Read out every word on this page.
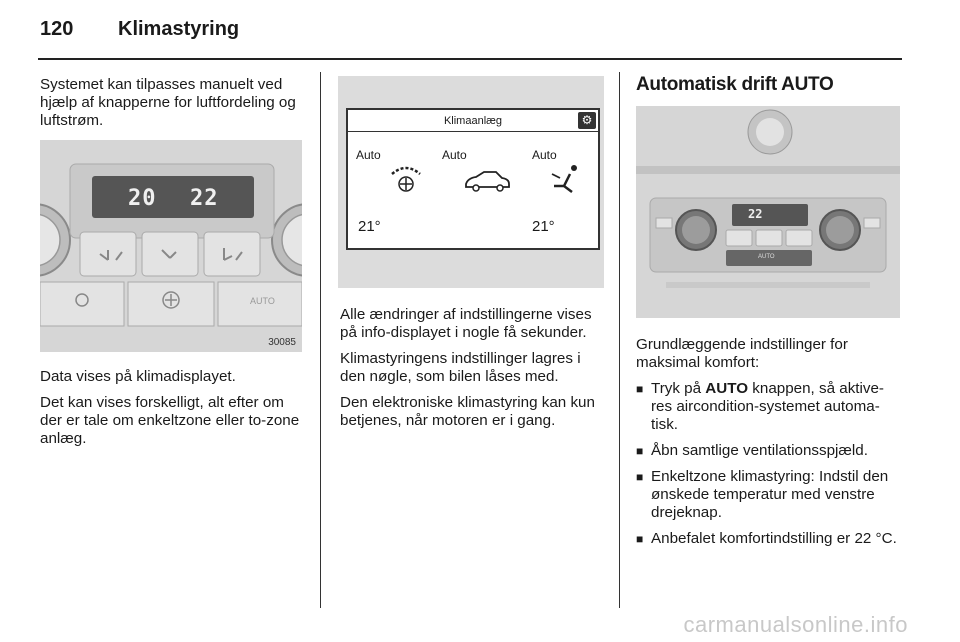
120 Klimastyring

Systemet kan tilpasses manuelt ved hjælp af knapperne for luftfordeling og luftstrøm.

20 22
AUTO
30085

Data vises på klimadisplayet.

Det kan vises forskelligt, alt efter om der er tale om enkeltzone eller to-zone anlæg.

Klimaanlæg	⚙
Auto	Auto	Auto
21°	21°

Alle ændringer af indstillingerne vises på info-displayet i nogle få sekunder.

Klimastyringens indstillinger lagres i den nøgle, som bilen låses med.

Den elektroniske klimastyring kan kun betjenes, når motoren er i gang.

Automatisk drift AUTO
22
AUTO

Grundlæggende indstillinger for maksimal komfort:

■ Tryk på AUTO knappen, så aktive-res aircondition-systemet automa-tisk.
■ Åbn samtlige ventilationsspjæld.
■ Enkeltzone klimastyring: Indstil den ønskede temperatur med venstre drejeknap.
■ Anbefalet komfortindstilling er 22 °C.
carmanualsonline.info
